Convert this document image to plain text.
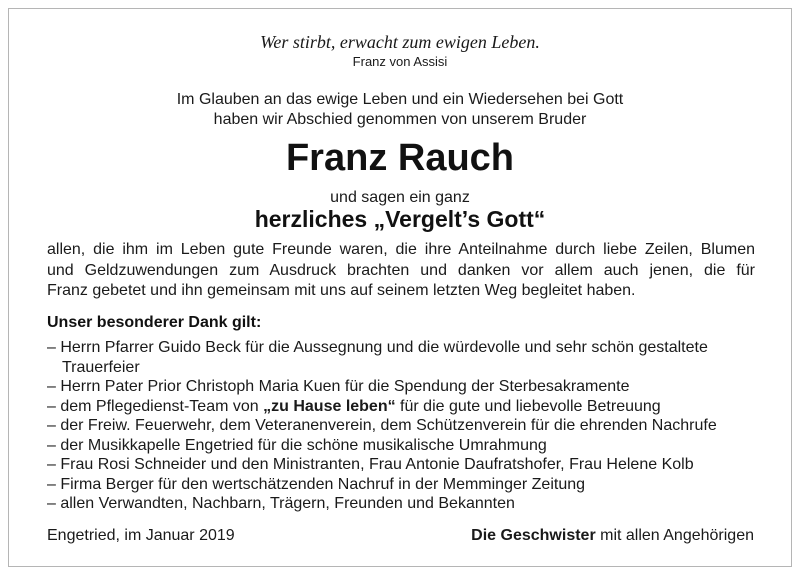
Wer stirbt, erwacht zum ewigen Leben.
Franz von Assisi
Im Glauben an das ewige Leben und ein Wiedersehen bei Gott
haben wir Abschied genommen von unserem Bruder
Franz Rauch
und sagen ein ganz
herzliches „Vergelt’s Gott“
allen, die ihm im Leben gute Freunde waren, die ihre Anteilnahme durch liebe Zeilen, Blumen
und Geldzuwendungen zum Ausdruck brachten und danken vor allem auch jenen, die für
Franz gebetet und ihn gemeinsam mit uns auf seinem letzten Weg begleitet haben.
Unser besonderer Dank gilt:
– Herrn Pfarrer Guido Beck für die Aussegnung und die würdevolle und sehr schön gestaltete
Trauerfeier
– Herrn Pater Prior Christoph Maria Kuen für die Spendung der Sterbesakramente
– dem Pflegedienst-Team von „zu Hause leben“ für die gute und liebevolle Betreuung
– der Freiw. Feuerwehr, dem Veteranenverein, dem Schützenverein für die ehrenden Nachrufe
– der Musikkapelle Engetried für die schöne musikalische Umrahmung
– Frau Rosi Schneider und den Ministranten, Frau Antonie Daufratshofer, Frau Helene Kolb
– Firma Berger für den wertschätzenden Nachruf in der Memminger Zeitung
– allen Verwandten, Nachbarn, Trägern, Freunden und Bekannten
Engetried, im Januar 2019	Die Geschwister mit allen Angehörigen
